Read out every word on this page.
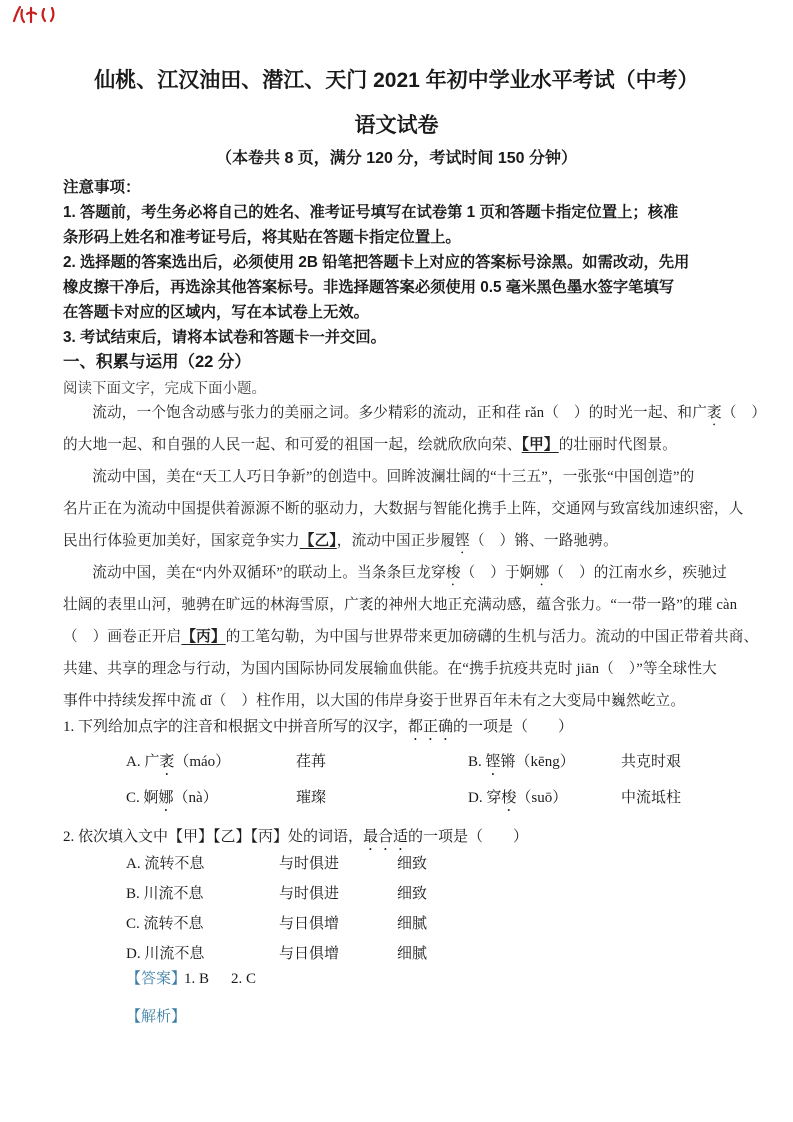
仙桃、江汉油田、潜江、天门 2021 年初中学业水平考试（中考）
语文试卷
（本卷共 8 页，满分 120 分，考试时间 150 分钟）
注意事项：
1. 答题前，考生务必将自己的姓名、准考证号填写在试卷第 1 页和答题卡指定位置上；核准
条形码上姓名和准考证号后，将其贴在答题卡指定位置上。
2. 选择题的答案选出后，必须使用 2B 铅笔把答题卡上对应的答案标号涂黑。如需改动，先用
橡皮擦干净后，再选涂其他答案标号。非选择题答案必须使用 0.5 毫米黑色墨水签字笔填写
在答题卡对应的区域内，写在本试卷上无效。
3. 考试结束后，请将本试卷和答题卡一并交回。
一、积累与运用（22 分）
阅读下面文字，完成下面小题。
流动，一个饱含动感与张力的美丽之词。多少精彩的流动，正和荏 rǎn（　）的时光一起、和广袤（　）
的大地一起、和自强的人民一起、和可爱的祖国一起，绘就欣欣向荣、【甲】的壮丽时代图景。
流动中国，美在“天工人巧日争新”的创造中。回眸波澜壮阔的“十三五”，一张张“中国创造”的
名片正在为流动中国提供着源源不断的驱动力，大数据与智能化携手上阵，交通网与致富线加速织密，人
民出行体验更加美好，国家竞争实力【乙】，流动中国正步履铿（　）锵、一路驰骋。
流动中国，美在“内外双循环”的联动上。当条条巨龙穿梭（　）于婀娜（　）的江南水乡，疾驰过
壮阔的表里山河，驰骋在旷远的林海雪原，广袤的神州大地正充满动感，蕴含张力。“一带一路”的璀 càn
（　）画卷正开启【丙】的工笔勾勒，为中国与世界带来更加磅礴的生机与活力。流动的中国正带着共商、
共建、共享的理念与行动，为国内国际协同发展输血供能。在“携手抗疫共克时 jiān（　）”等全球性大
事件中持续发挥中流 dǐ（　）柱作用，以大国的伟岸身姿于世界百年未有之大变局中巍然屹立。
1. 下列给加点字的注音和根据文中拼音所写的汉字，都正确的一项是（　　）
A. 广袤（máo）	荏苒	B. 铿锵（kēng）	共克时艰
C. 婀娜（nà）	璀璨	D. 穿梭（suō）	中流坻柱
2. 依次填入文中【甲】【乙】【丙】处的词语，最合适的一项是（　　）
A. 流转不息	与时俱进	细致
B. 川流不息	与时俱进	细致
C. 流转不息	与日俱增	细腻
D. 川流不息	与日俱增	细腻
【答案】
1. B 2. C
【解析】
